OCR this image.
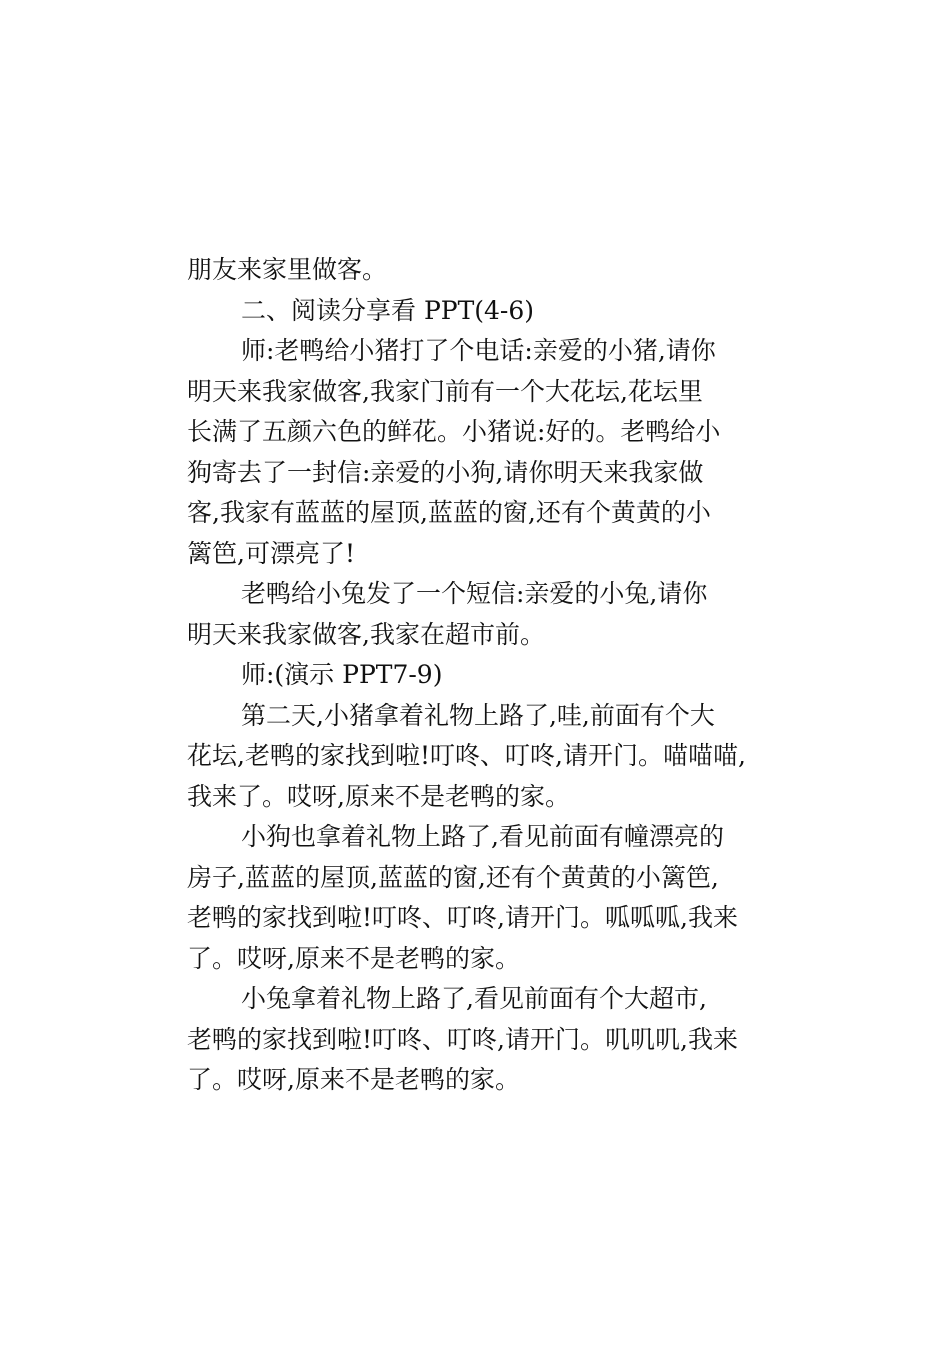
朋友来家里做客。

二、阅读分享看 PPT(4-6)

师:老鸭给小猪打了个电话:亲爱的小猪,请你
明天来我家做客,我家门前有一个大花坛,花坛里
长满了五颜六色的鲜花。小猪说:好的。老鸭给小
狗寄去了一封信:亲爱的小狗,请你明天来我家做
客,我家有蓝蓝的屋顶,蓝蓝的窗,还有个黄黄的小
篱笆,可漂亮了!

老鸭给小兔发了一个短信:亲爱的小兔,请你
明天来我家做客,我家在超市前。

师:(演示 PPT7-9)

第二天,小猪拿着礼物上路了,哇,前面有个大
花坛,老鸭的家找到啦!叮咚、叮咚,请开门。喵喵喵,
我来了。哎呀,原来不是老鸭的家。

小狗也拿着礼物上路了,看见前面有幢漂亮的
房子,蓝蓝的屋顶,蓝蓝的窗,还有个黄黄的小篱笆,
老鸭的家找到啦!叮咚、叮咚,请开门。呱呱呱,我来
了。哎呀,原来不是老鸭的家。

小兔拿着礼物上路了,看见前面有个大超市,
老鸭的家找到啦!叮咚、叮咚,请开门。叽叽叽,我来
了。哎呀,原来不是老鸭的家。
